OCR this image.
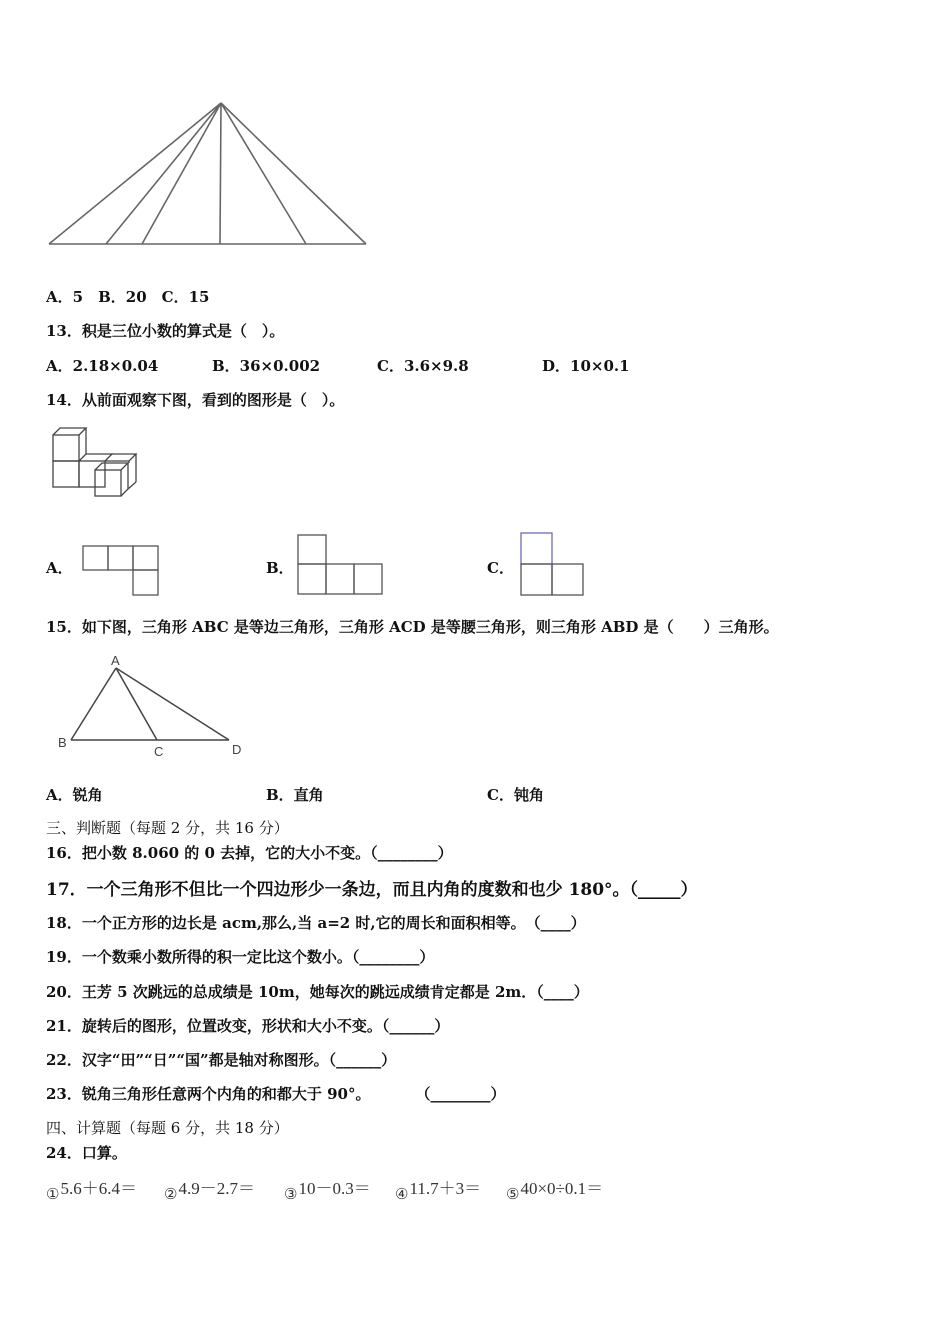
A．5　B．20　C．15
13．积是三位小数的算式是（　）。
A．2.18×0.04	B．36×0.002	C．3.6×9.8	D．10×0.1
14．从前面观察下图，看到的图形是（　）。
A．	B．	C．
15．如下图，三角形 ABC 是等边三角形，三角形 ACD 是等腰三角形，则三角形 ABD 是（　　）三角形。
A
B
C	D
A．锐角	B．直角	C．钝角
三、判断题（每题 2 分，共 16 分）
16．把小数 8.060 的 0 去掉，它的大小不变。（________）
17．一个三角形不但比一个四边形少一条边，而且内角的度数和也少 180°。（_____）
18．一个正方形的边长是 acm,那么,当 a=2 时,它的周长和面积相等。　（____）
19．一个数乘小数所得的积一定比这个数小。（________）
20．王芳 5 次跳远的总成绩是 10m，她每次的跳远成绩肯定都是 2m．（____）
21．旋转后的图形，位置改变，形状和大小不变。（______）
22．汉字“田”“日”“国”都是轴对称图形。（______）
23．锐角三角形任意两个内角的和都大于 90°。　　　　（________）
四、计算题（每题 6 分，共 18 分）
24．口算。
①5.6＋6.4＝ ②4.9－2.7＝ ③10－0.3＝ ④11.7＋3＝ ⑤40×0÷0.1＝
